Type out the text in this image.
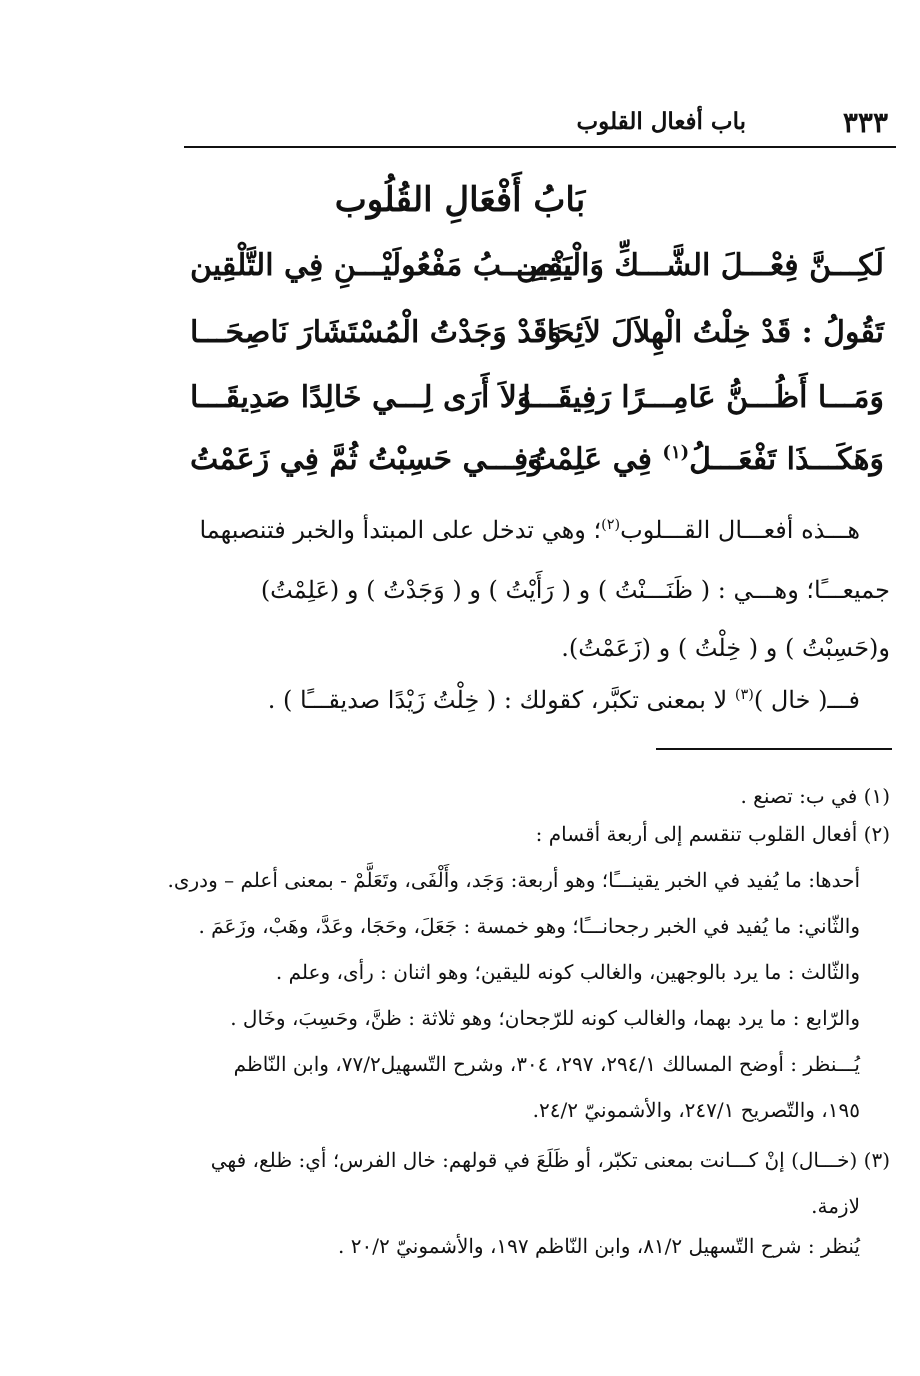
٣٣٣
باب أفعال القلوب
بَابُ أَفْعَالِ القُلُوب
لَكِـــنَّ فِعْـــلَ الشَّـــكِّ وَالْيَقِين
يَنْصِـــبُ مَفْعُولَيْـــنِ فِي التَّلْقِين
تَقُولُ : قَدْ خِلْتُ الْهِلاَلَ لاَئِحَا
وَقَدْ وَجَدْتُ الْمُسْتَشَارَ نَاصِحَـــا
وَمَـــا أَظُـــنُّ عَامِـــرًا رَفِيقَـــا
وَلاَ أَرَى لِـــي خَالِدًا صَدِيقَـــا
وَهَكَـــذَا تَفْعَـــلُ$^{(١)}$ فِي عَلِمْتُ
وَفِـــي حَسِبْتُ ثُمَّ فِي زَعَمْتُ
هـــذه أفعـــال القـــلوب$^{(٢)}$؛ وهي تدخل على المبتدأ والخبر فتنصبهما
جميعـــًا؛ وهـــي : ( ظَنَـــنْتُ ) و ( رَأَيْتُ ) و ( وَجَدْتُ ) و (عَلِمْتُ)
و(حَسِبْتُ ) و ( خِلْتُ ) و (زَعَمْتُ).
فـــ( خال )$^{(٣)}$ لا بمعنى تكبَّر، كقولك : ( خِلْتُ زَيْدًا صديقـــًا ) .
(١) في ب: تصنع .
(٢) أفعال القلوب تنقسم إلى أربعة أقسام :
أحدها: ما يُفيد في الخبر يقينـــًا؛ وهو أربعة: وَجَد، وأَلْفَى، وتَعَلَّمْ - بمعنى أعلم – ودرى.
والثّاني: ما يُفيد في الخبر رجحانـــًا؛ وهو خمسة : جَعَلَ، وحَجَا، وعَدَّ، وهَبْ، وزَعَمَ .
والثّالث : ما يرد بالوجهين، والغالب كونه لليقين؛ وهو اثنان : رأى، وعلم .
والرّابع : ما يرد بهما، والغالب كونه للرّجحان؛ وهو ثلاثة : ظنَّ، وحَسِبَ، وخَال .
يُـــنظر : أوضح المسالك ٢٩٤/١، ٢٩٧، ٣٠٤، وشرح التّسهيل٧٧/٢، وابن النّاظم
١٩٥، والتّصريح ٢٤٧/١، والأشمونيّ ٢٤/٢.
(٣) (خـــال) إنْ كـــانت بمعنى تكبّر، أو ظَلَعَ في قولهم: خال الفرس؛ أي: ظلع، فهي
لازمة.
يُنظر : شرح التّسهيل ٨١/٢، وابن النّاظم ١٩٧، والأشمونيّ ٢٠/٢ .
